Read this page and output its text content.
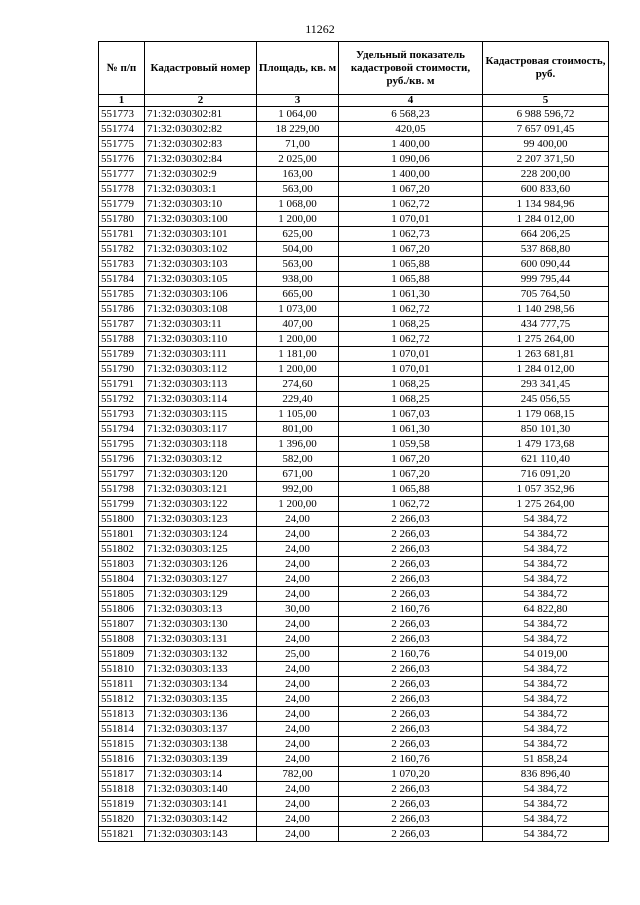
11262
№ п/п	Кадастровый номер	Площадь, кв. м	Удельный показатель кадастровой стоимости, руб./кв. м	Кадастровая стоимость, руб.
1	2	3	4	5
551773	71:32:030302:81	1 064,00	6 568,23	6 988 596,72
551774	71:32:030302:82	18 229,00	420,05	7 657 091,45
551775	71:32:030302:83	71,00	1 400,00	99 400,00
551776	71:32:030302:84	2 025,00	1 090,06	2 207 371,50
551777	71:32:030302:9	163,00	1 400,00	228 200,00
551778	71:32:030303:1	563,00	1 067,20	600 833,60
551779	71:32:030303:10	1 068,00	1 062,72	1 134 984,96
551780	71:32:030303:100	1 200,00	1 070,01	1 284 012,00
551781	71:32:030303:101	625,00	1 062,73	664 206,25
551782	71:32:030303:102	504,00	1 067,20	537 868,80
551783	71:32:030303:103	563,00	1 065,88	600 090,44
551784	71:32:030303:105	938,00	1 065,88	999 795,44
551785	71:32:030303:106	665,00	1 061,30	705 764,50
551786	71:32:030303:108	1 073,00	1 062,72	1 140 298,56
551787	71:32:030303:11	407,00	1 068,25	434 777,75
551788	71:32:030303:110	1 200,00	1 062,72	1 275 264,00
551789	71:32:030303:111	1 181,00	1 070,01	1 263 681,81
551790	71:32:030303:112	1 200,00	1 070,01	1 284 012,00
551791	71:32:030303:113	274,60	1 068,25	293 341,45
551792	71:32:030303:114	229,40	1 068,25	245 056,55
551793	71:32:030303:115	1 105,00	1 067,03	1 179 068,15
551794	71:32:030303:117	801,00	1 061,30	850 101,30
551795	71:32:030303:118	1 396,00	1 059,58	1 479 173,68
551796	71:32:030303:12	582,00	1 067,20	621 110,40
551797	71:32:030303:120	671,00	1 067,20	716 091,20
551798	71:32:030303:121	992,00	1 065,88	1 057 352,96
551799	71:32:030303:122	1 200,00	1 062,72	1 275 264,00
551800	71:32:030303:123	24,00	2 266,03	54 384,72
551801	71:32:030303:124	24,00	2 266,03	54 384,72
551802	71:32:030303:125	24,00	2 266,03	54 384,72
551803	71:32:030303:126	24,00	2 266,03	54 384,72
551804	71:32:030303:127	24,00	2 266,03	54 384,72
551805	71:32:030303:129	24,00	2 266,03	54 384,72
551806	71:32:030303:13	30,00	2 160,76	64 822,80
551807	71:32:030303:130	24,00	2 266,03	54 384,72
551808	71:32:030303:131	24,00	2 266,03	54 384,72
551809	71:32:030303:132	25,00	2 160,76	54 019,00
551810	71:32:030303:133	24,00	2 266,03	54 384,72
551811	71:32:030303:134	24,00	2 266,03	54 384,72
551812	71:32:030303:135	24,00	2 266,03	54 384,72
551813	71:32:030303:136	24,00	2 266,03	54 384,72
551814	71:32:030303:137	24,00	2 266,03	54 384,72
551815	71:32:030303:138	24,00	2 266,03	54 384,72
551816	71:32:030303:139	24,00	2 160,76	51 858,24
551817	71:32:030303:14	782,00	1 070,20	836 896,40
551818	71:32:030303:140	24,00	2 266,03	54 384,72
551819	71:32:030303:141	24,00	2 266,03	54 384,72
551820	71:32:030303:142	24,00	2 266,03	54 384,72
551821	71:32:030303:143	24,00	2 266,03	54 384,72
